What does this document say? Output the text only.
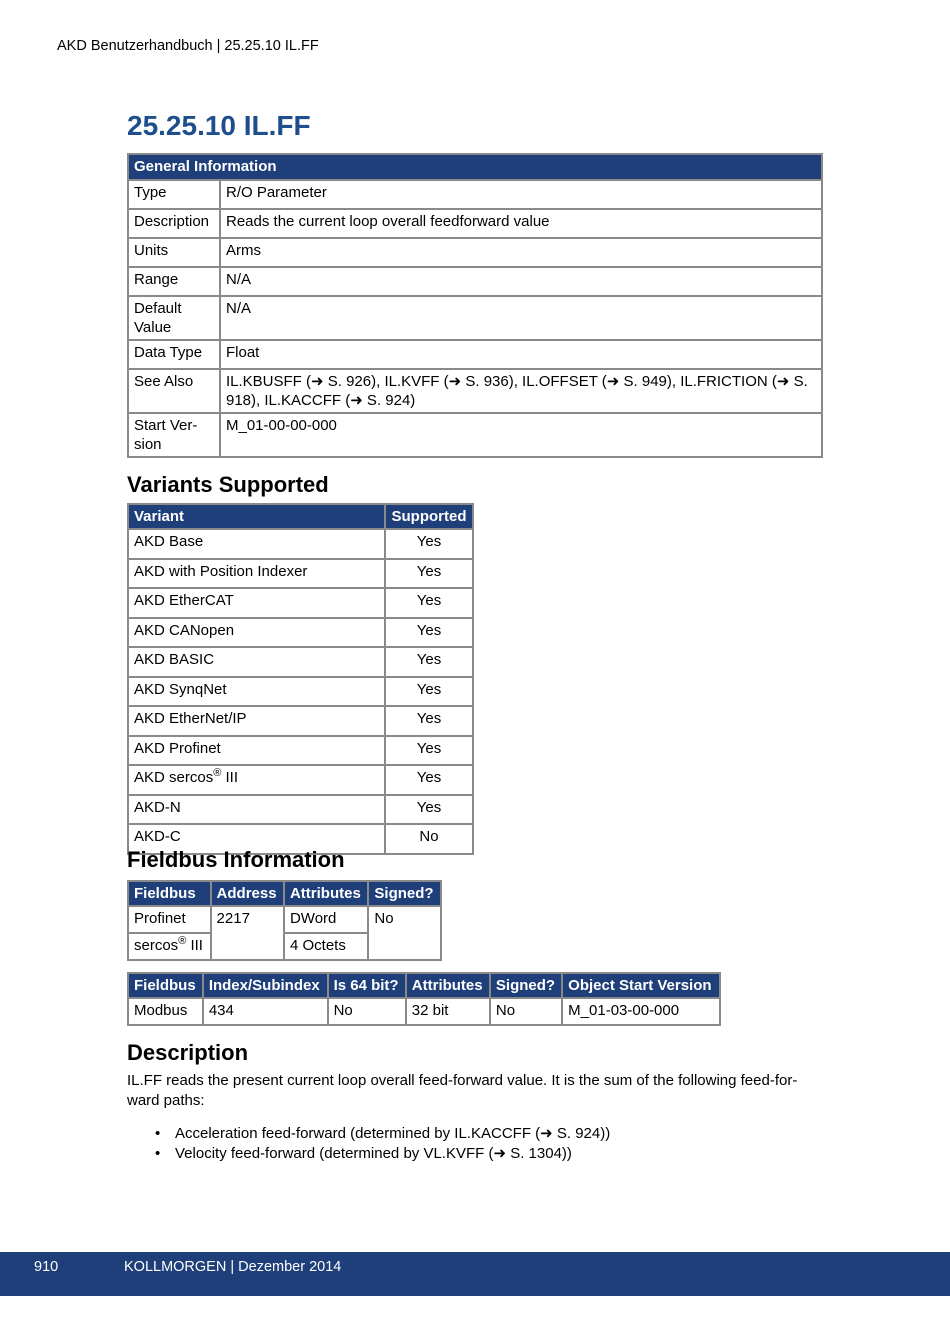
AKD Benutzerhandbuch | 25.25.10 IL.FF
25.25.10 IL.FF
General Information	
Type	R/O Parameter
Description	Reads the current loop overall feedforward value
Units	Arms
Range	N/A
Default Value	N/A
Data Type	Float
See Also	IL.KBUSFF (➜ S. 926), IL.KVFF (➜ S. 936), IL.OFFSET (➜ S. 949), IL.FRICTION (➜ S. 918), IL.KACCFF (➜ S. 924)
Start Ver-sion	M_01-00-00-000
Variants Supported
Variant	Supported
AKD Base	Yes
AKD with Position Indexer	Yes
AKD EtherCAT	Yes
AKD CANopen	Yes
AKD BASIC	Yes
AKD SynqNet	Yes
AKD EtherNet/IP	Yes
AKD Profinet	Yes
AKD sercos® III	Yes
AKD-N	Yes
AKD-C	No
Fieldbus Information
Fieldbus	Address	Attributes	Signed?
Profinet	2217	DWord	No
sercos® III		4 Octets	
Fieldbus	Index/Subindex	Is 64 bit?	Attributes	Signed?	Object Start Version
Modbus	434	No	32 bit	No	M_01-03-00-000
Description

IL.FF reads the present current loop overall feed-forward value. It is the sum of the following feed-for-ward paths:

• Acceleration feed-forward (determined by IL.KACCFF (➜ S. 924))
• Velocity feed-forward (determined by VL.KVFF (➜ S. 1304))
910	KOLLMORGEN | Dezember 2014
